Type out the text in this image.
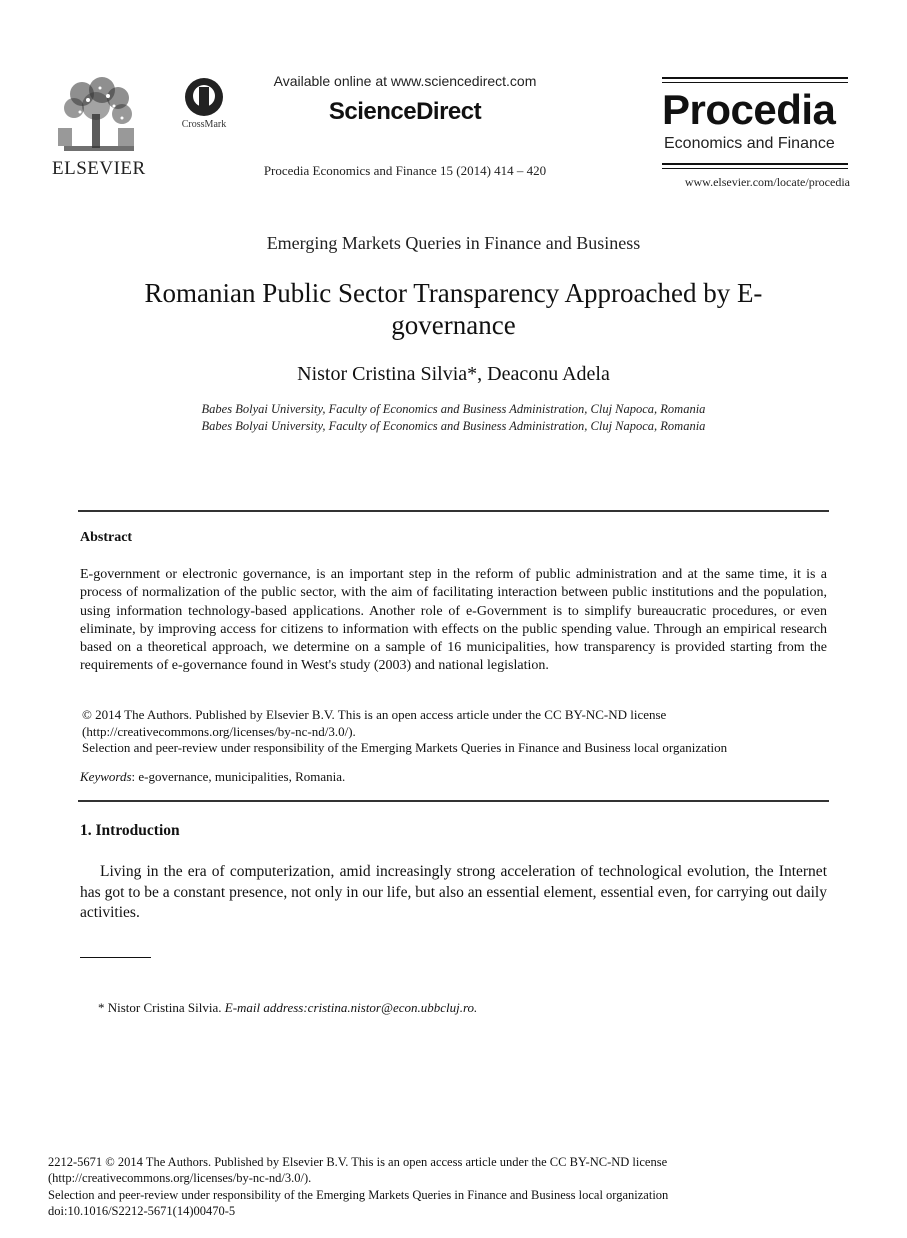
ELSEVIER
CrossMark
Available online at www.sciencedirect.com
ScienceDirect
Procedia Economics and Finance 15 (2014) 414 – 420
Procedia
Economics and Finance
www.elsevier.com/locate/procedia
Emerging Markets Queries in Finance and Business
Romanian Public Sector Transparency Approached by E-governance
Nistor Cristina Silvia*, Deaconu Adela
Babes Bolyai University, Faculty of Economics and Business Administration, Cluj Napoca, Romania
Babes Bolyai University, Faculty of Economics and Business Administration, Cluj Napoca, Romania
Abstract
E-government or electronic governance, is an important step in the reform of public administration and at the same time, it is a process of normalization of the public sector, with the aim of facilitating interaction between public institutions and the population, using information technology-based applications. Another role of e-Government is to simplify bureaucratic procedures, or even eliminate, by improving access for citizens to information with effects on the public spending value. Through an empirical research based on a theoretical approach, we determine on a sample of 16 municipalities, how transparency is provided starting from the requirements of e-governance found in West's study (2003) and national legislation.
© 2014 The Authors. Published by Elsevier B.V. This is an open access article under the CC BY-NC-ND license
(http://creativecommons.org/licenses/by-nc-nd/3.0/).
Selection and peer-review under responsibility of the Emerging Markets Queries in Finance and Business local organization
Keywords: e-governance, municipalities, Romania.
1. Introduction
Living in the era of computerization, amid increasingly strong acceleration of technological evolution, the Internet has got to be a constant presence, not only in our life, but also an essential element, essential even, for carrying out daily activities.
* Nistor Cristina Silvia. E-mail address:cristina.nistor@econ.ubbcluj.ro.
2212-5671 © 2014 The Authors. Published by Elsevier B.V. This is an open access article under the CC BY-NC-ND license
(http://creativecommons.org/licenses/by-nc-nd/3.0/).
Selection and peer-review under responsibility of the Emerging Markets Queries in Finance and Business local organization
doi:10.1016/S2212-5671(14)00470-5
